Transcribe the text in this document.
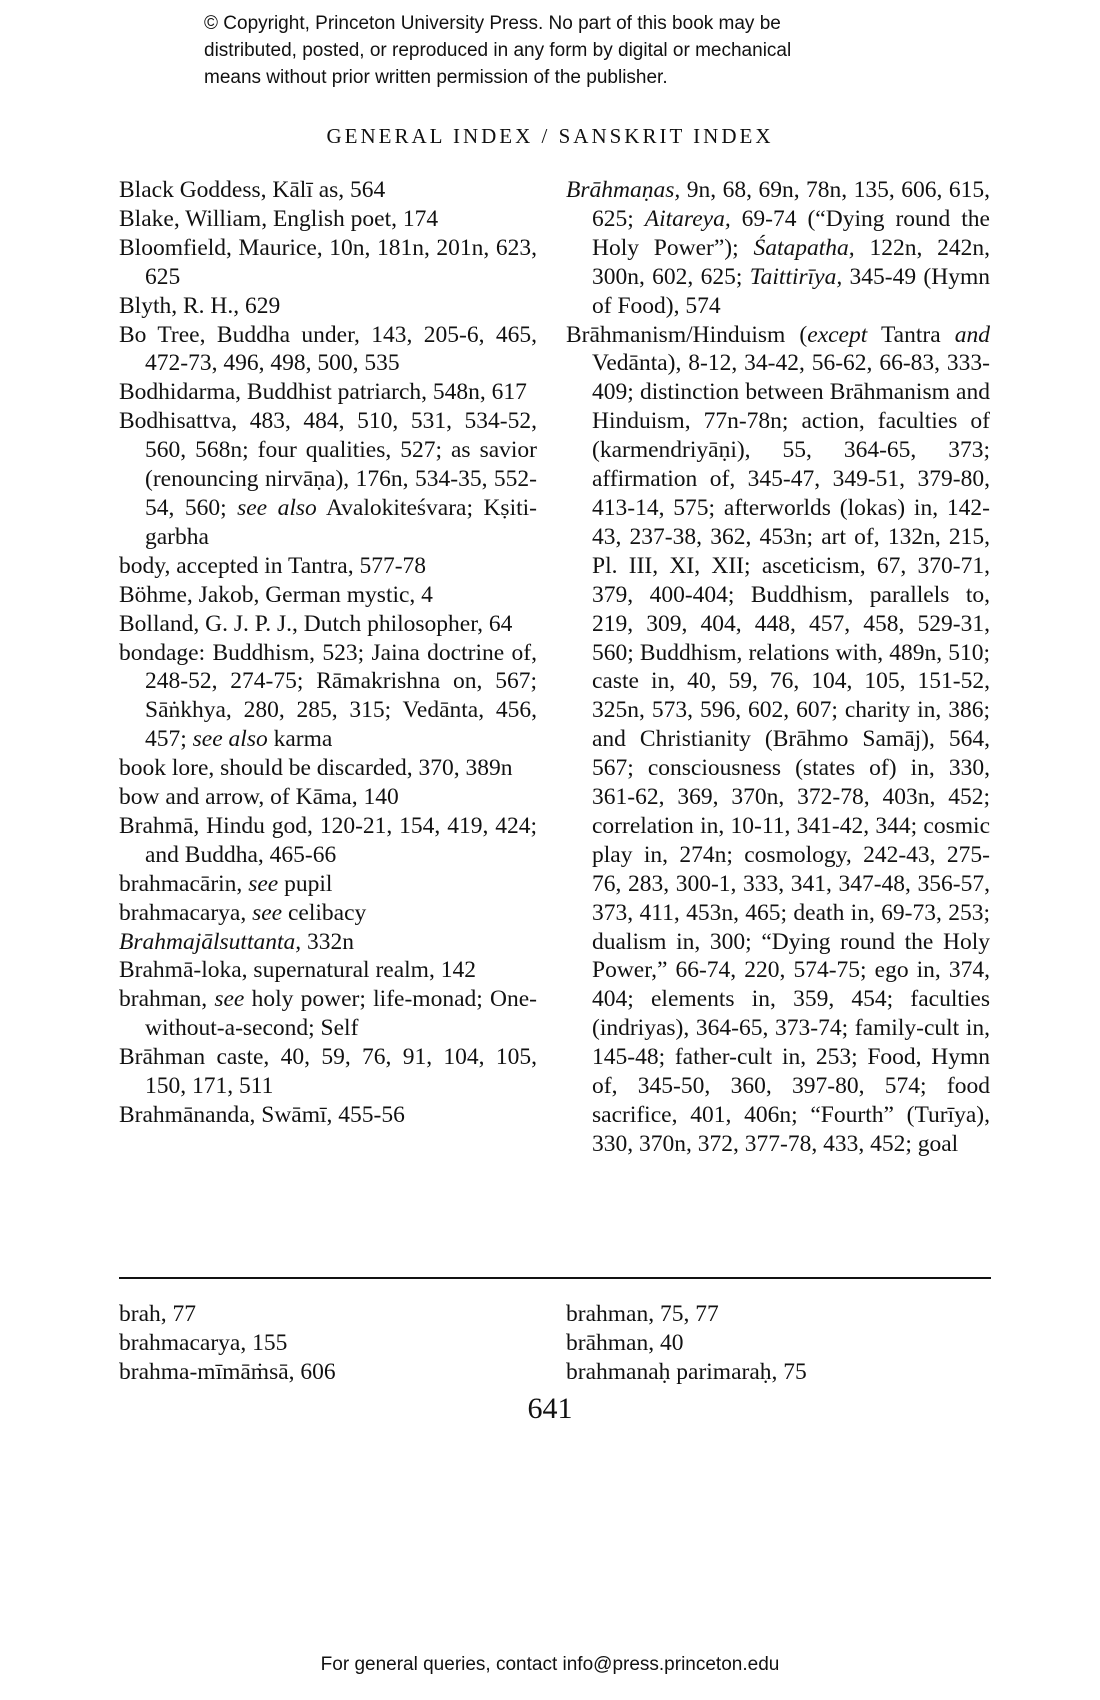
© Copyright, Princeton University Press. No part of this book may be
distributed, posted, or reproduced in any form by digital or mechanical
means without prior written permission of the publisher.
GENERAL INDEX / SANSKRIT INDEX
Black Goddess, Kālī as, 564
Blake, William, English poet, 174
Bloomfield, Maurice, 10n, 181n, 201n, 623, 625
Blyth, R. H., 629
Bo Tree, Buddha under, 143, 205-6, 465, 472-73, 496, 498, 500, 535
Bodhidarma, Buddhist patriarch, 548n, 617
Bodhisattva, 483, 484, 510, 531, 534-52, 560, 568n; four qualities, 527; as savior (renouncing nirvāṇa), 176n, 534-35, 552-54, 560; see also Avalokiteśvara; Kṣiti-garbha
body, accepted in Tantra, 577-78
Böhme, Jakob, German mystic, 4
Bolland, G. J. P. J., Dutch philosopher, 64
bondage: Buddhism, 523; Jaina doctrine of, 248-52, 274-75; Rāmakrishna on, 567; Sāṅkhya, 280, 285, 315; Vedānta, 456, 457; see also karma
book lore, should be discarded, 370, 389n
bow and arrow, of Kāma, 140
Brahmā, Hindu god, 120-21, 154, 419, 424; and Buddha, 465-66
brahmacārin, see pupil
brahmacarya, see celibacy
Brahmajālsuttanta, 332n
Brahmā-loka, supernatural realm, 142
brahman, see holy power; life-monad; One-without-a-second; Self
Brāhman caste, 40, 59, 76, 91, 104, 105, 150, 171, 511
Brahmānanda, Swāmī, 455-56
Brāhmaṇas, 9n, 68, 69n, 78n, 135, 606, 615, 625; Aitareya, 69-74 (“Dying round the Holy Power”); Śatapatha, 122n, 242n, 300n, 602, 625; Taittirīya, 345-49 (Hymn of Food), 574
Brāhmanism/Hinduism (except Tantra and Vedānta), 8-12, 34-42, 56-62, 66-83, 333-409; distinction between Brāhmanism and Hinduism, 77n-78n; action, faculties of (karmendriyāṇi), 55, 364-65, 373; affirmation of, 345-47, 349-51, 379-80, 413-14, 575; afterworlds (lokas) in, 142-43, 237-38, 362, 453n; art of, 132n, 215, Pl. III, XI, XII; asceticism, 67, 370-71, 379, 400-404; Buddhism, parallels to, 219, 309, 404, 448, 457, 458, 529-31, 560; Buddhism, relations with, 489n, 510; caste in, 40, 59, 76, 104, 105, 151-52, 325n, 573, 596, 602, 607; charity in, 386; and Christianity (Brāhmo Samāj), 564, 567; consciousness (states of) in, 330, 361-62, 369, 370n, 372-78, 403n, 452; correlation in, 10-11, 341-42, 344; cosmic play in, 274n; cosmology, 242-43, 275-76, 283, 300-1, 333, 341, 347-48, 356-57, 373, 411, 453n, 465; death in, 69-73, 253; dualism in, 300; “Dying round the Holy Power,” 66-74, 220, 574-75; ego in, 374, 404; elements in, 359, 454; faculties (indriyas), 364-65, 373-74; family-cult in, 145-48; father-cult in, 253; Food, Hymn of, 345-50, 360, 397-80, 574; food sacrifice, 401, 406n; “Fourth” (Turīya), 330, 370n, 372, 377-78, 433, 452; goal
brah, 77
brahmacarya, 155
brahma-mīmāṁsā, 606
brahman, 75, 77
brāhman, 40
brahmanaḥ parimaraḥ, 75
641
For general queries, contact info@press.princeton.edu
